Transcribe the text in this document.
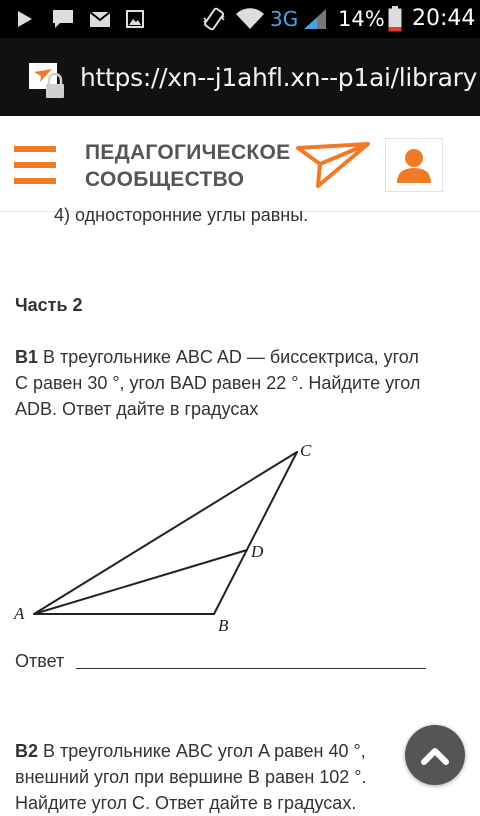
3G 14% 20:44
https://xn--j1ahfl.xn--p1ai/library
ПЕДАГОГИЧЕСКОЕ
СООБЩЕСТВО
4) односторонние углы равны.
Часть 2
В1 В треугольнике ABC AD — биссектриса, угол
C равен 30 °, угол BAD равен 22 °. Найдите угол
ADB. Ответ дайте в градусах
A
B
C
D
Ответ
В2 В треугольнике ABC угол A равен 40 °,
внешний угол при вершине B равен 102 °.
Найдите угол C. Ответ дайте в градусах.
